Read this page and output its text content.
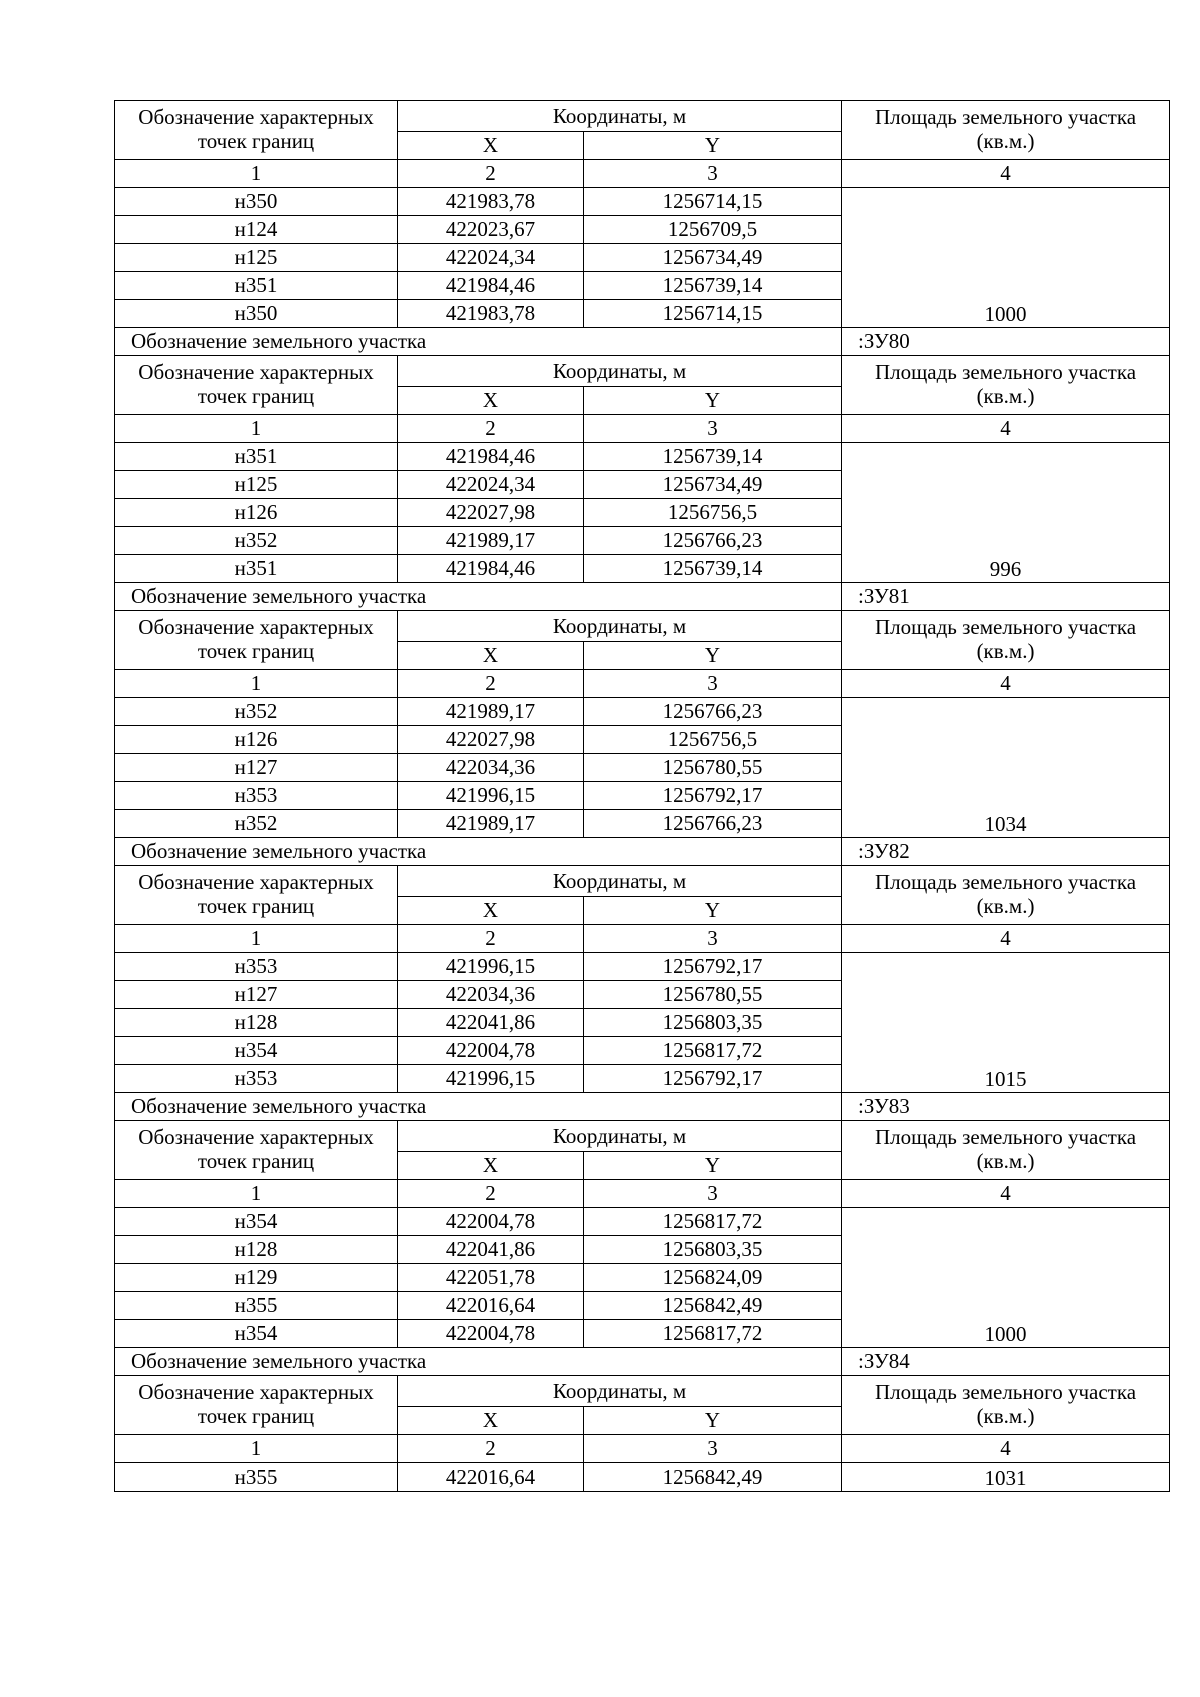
Обозначение характерных точек границ	Координаты, м		Площадь земельного участка (кв.м.)
	X	Y	
1	2	3	4
н350	421983,78	1256714,15	1000
н124	422023,67	1256709,5	
н125	422024,34	1256734,49	
н351	421984,46	1256739,14	
н350	421983,78	1256714,15	
Обозначение земельного участка			:ЗУ80
Обозначение характерных точек границ	Координаты, м		Площадь земельного участка (кв.м.)
	X	Y	
1	2	3	4
н351	421984,46	1256739,14	996
н125	422024,34	1256734,49	
н126	422027,98	1256756,5	
н352	421989,17	1256766,23	
н351	421984,46	1256739,14	
Обозначение земельного участка			:ЗУ81
Обозначение характерных точек границ	Координаты, м		Площадь земельного участка (кв.м.)
	X	Y	
1	2	3	4
н352	421989,17	1256766,23	1034
н126	422027,98	1256756,5	
н127	422034,36	1256780,55	
н353	421996,15	1256792,17	
н352	421989,17	1256766,23	
Обозначение земельного участка			:ЗУ82
Обозначение характерных точек границ	Координаты, м		Площадь земельного участка (кв.м.)
	X	Y	
1	2	3	4
н353	421996,15	1256792,17	1015
н127	422034,36	1256780,55	
н128	422041,86	1256803,35	
н354	422004,78	1256817,72	
н353	421996,15	1256792,17	
Обозначение земельного участка			:ЗУ83
Обозначение характерных точек границ	Координаты, м		Площадь земельного участка (кв.м.)
	X	Y	
1	2	3	4
н354	422004,78	1256817,72	1000
н128	422041,86	1256803,35	
н129	422051,78	1256824,09	
н355	422016,64	1256842,49	
н354	422004,78	1256817,72	
Обозначение земельного участка			:ЗУ84
Обозначение характерных точек границ	Координаты, м		Площадь земельного участка (кв.м.)
	X	Y	
1	2	3	4
н355	422016,64	1256842,49	1031
